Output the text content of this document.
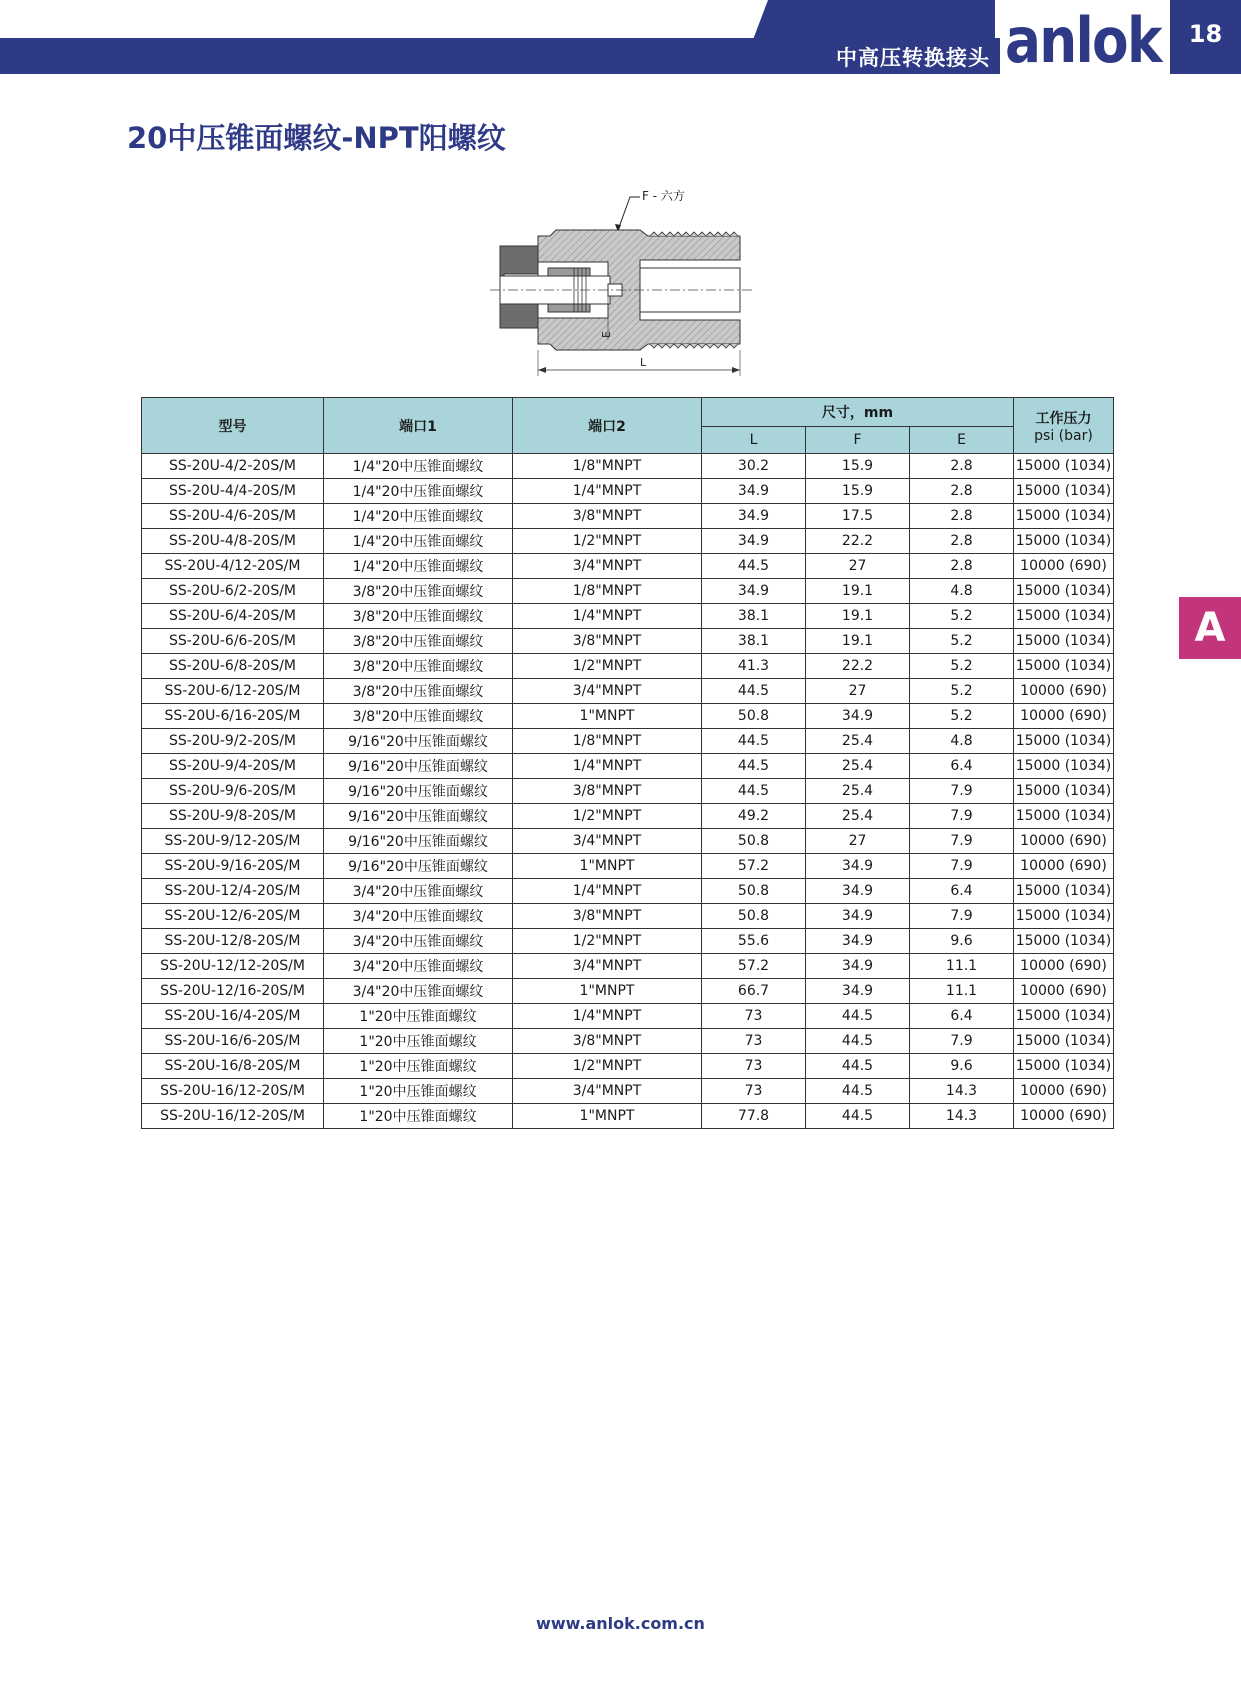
中高压转换接头 anlok	18
20中压锥面螺纹-NPT阳螺纹
A
F - 六方
E
L
型号	端口1	端口2	尺寸，mm			工作压力
psi (bar)

			L	F	E	
SS-20U-4/2-20S/M	1/4"20中压锥面螺纹	1/8"MNPT	30.2	15.9	2.8	15000 (1034)
SS-20U-4/4-20S/M	1/4"20中压锥面螺纹	1/4"MNPT	34.9	15.9	2.8	15000 (1034)
SS-20U-4/6-20S/M	1/4"20中压锥面螺纹	3/8"MNPT	34.9	17.5	2.8	15000 (1034)
SS-20U-4/8-20S/M	1/4"20中压锥面螺纹	1/2"MNPT	34.9	22.2	2.8	15000 (1034)
SS-20U-4/12-20S/M	1/4"20中压锥面螺纹	3/4"MNPT	44.5	27	2.8	10000 (690)
SS-20U-6/2-20S/M	3/8"20中压锥面螺纹	1/8"MNPT	34.9	19.1	4.8	15000 (1034)
SS-20U-6/4-20S/M	3/8"20中压锥面螺纹	1/4"MNPT	38.1	19.1	5.2	15000 (1034)
SS-20U-6/6-20S/M	3/8"20中压锥面螺纹	3/8"MNPT	38.1	19.1	5.2	15000 (1034)
SS-20U-6/8-20S/M	3/8"20中压锥面螺纹	1/2"MNPT	41.3	22.2	5.2	15000 (1034)
SS-20U-6/12-20S/M	3/8"20中压锥面螺纹	3/4"MNPT	44.5	27	5.2	10000 (690)
SS-20U-6/16-20S/M	3/8"20中压锥面螺纹	1"MNPT	50.8	34.9	5.2	10000 (690)
SS-20U-9/2-20S/M	9/16"20中压锥面螺纹	1/8"MNPT	44.5	25.4	4.8	15000 (1034)
SS-20U-9/4-20S/M	9/16"20中压锥面螺纹	1/4"MNPT	44.5	25.4	6.4	15000 (1034)
SS-20U-9/6-20S/M	9/16"20中压锥面螺纹	3/8"MNPT	44.5	25.4	7.9	15000 (1034)
SS-20U-9/8-20S/M	9/16"20中压锥面螺纹	1/2"MNPT	49.2	25.4	7.9	15000 (1034)
SS-20U-9/12-20S/M	9/16"20中压锥面螺纹	3/4"MNPT	50.8	27	7.9	10000 (690)
SS-20U-9/16-20S/M	9/16"20中压锥面螺纹	1"MNPT	57.2	34.9	7.9	10000 (690)
SS-20U-12/4-20S/M	3/4"20中压锥面螺纹	1/4"MNPT	50.8	34.9	6.4	15000 (1034)
SS-20U-12/6-20S/M	3/4"20中压锥面螺纹	3/8"MNPT	50.8	34.9	7.9	15000 (1034)
SS-20U-12/8-20S/M	3/4"20中压锥面螺纹	1/2"MNPT	55.6	34.9	9.6	15000 (1034)
SS-20U-12/12-20S/M	3/4"20中压锥面螺纹	3/4"MNPT	57.2	34.9	11.1	10000 (690)
SS-20U-12/16-20S/M	3/4"20中压锥面螺纹	1"MNPT	66.7	34.9	11.1	10000 (690)
SS-20U-16/4-20S/M	1"20中压锥面螺纹	1/4"MNPT	73	44.5	6.4	15000 (1034)
SS-20U-16/6-20S/M	1"20中压锥面螺纹	3/8"MNPT	73	44.5	7.9	15000 (1034)
SS-20U-16/8-20S/M	1"20中压锥面螺纹	1/2"MNPT	73	44.5	9.6	15000 (1034)
SS-20U-16/12-20S/M	1"20中压锥面螺纹	3/4"MNPT	73	44.5	14.3	10000 (690)
SS-20U-16/12-20S/M	1"20中压锥面螺纹	1"MNPT	77.8	44.5	14.3	10000 (690)
www.anlok.com.cn
